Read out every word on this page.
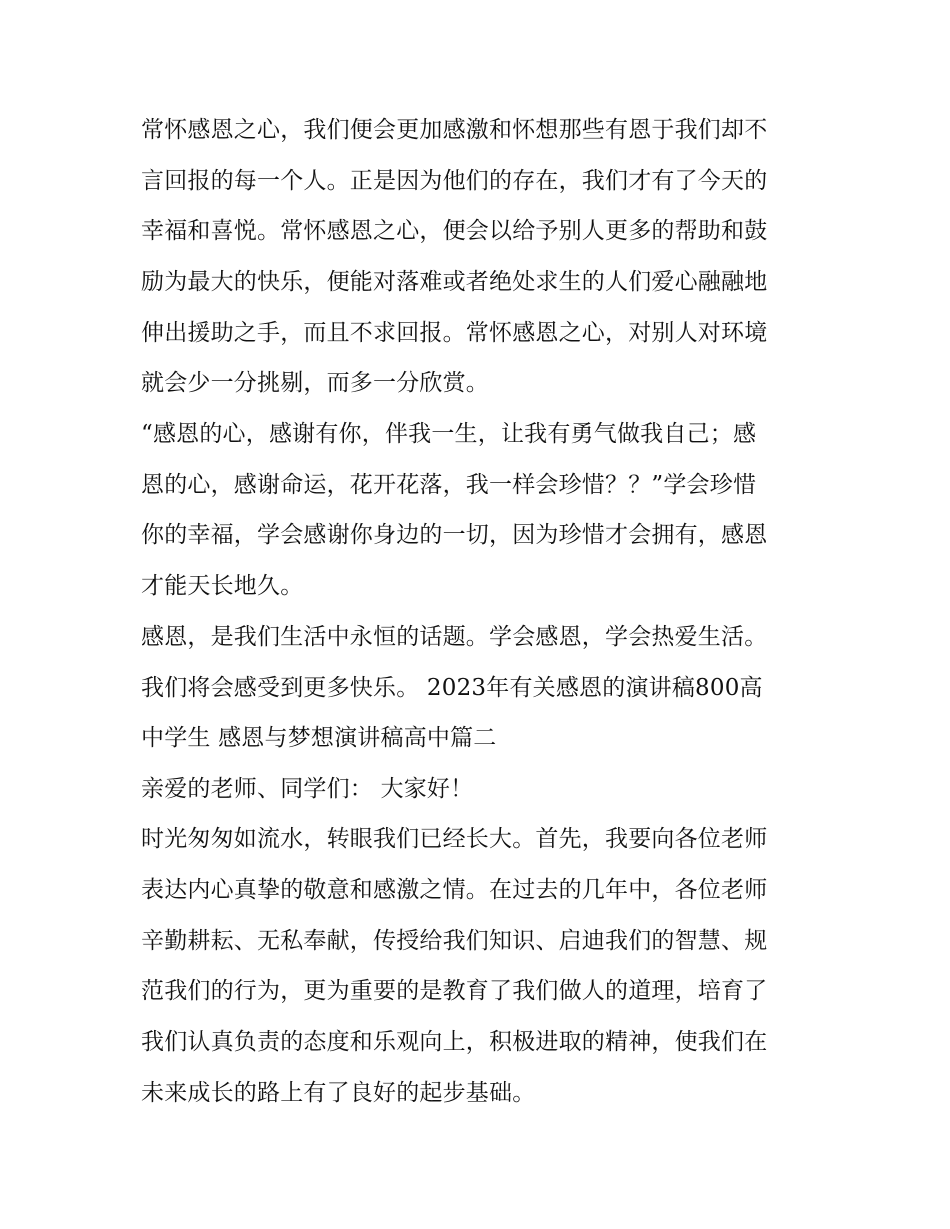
常怀感恩之心，我们便会更加感激和怀想那些有恩于我们却不
言回报的每一个人。正是因为他们的存在，我们才有了今天的
幸福和喜悦。常怀感恩之心，便会以给予别人更多的帮助和鼓
励为最大的快乐，便能对落难或者绝处求生的人们爱心融融地
伸出援助之手，而且不求回报。常怀感恩之心，对别人对环境
就会少一分挑剔，而多一分欣赏。
“感恩的心，感谢有你，伴我一生，让我有勇气做我自己；感
恩的心，感谢命运，花开花落，我一样会珍惜？？”学会珍惜
你的幸福，学会感谢你身边的一切，因为珍惜才会拥有，感恩
才能天长地久。
感恩，是我们生活中永恒的话题。学会感恩，学会热爱生活。
我们将会感受到更多快乐。 2023年有关感恩的演讲稿800高
中学生 感恩与梦想演讲稿高中篇二
亲爱的老师、同学们： 大家好！
时光匆匆如流水，转眼我们已经长大。首先，我要向各位老师
表达内心真挚的敬意和感激之情。在过去的几年中，各位老师
辛勤耕耘、无私奉献，传授给我们知识、启迪我们的智慧、规
范我们的行为，更为重要的是教育了我们做人的道理，培育了
我们认真负责的态度和乐观向上，积极进取的精神，使我们在
未来成长的路上有了良好的起步基础。
